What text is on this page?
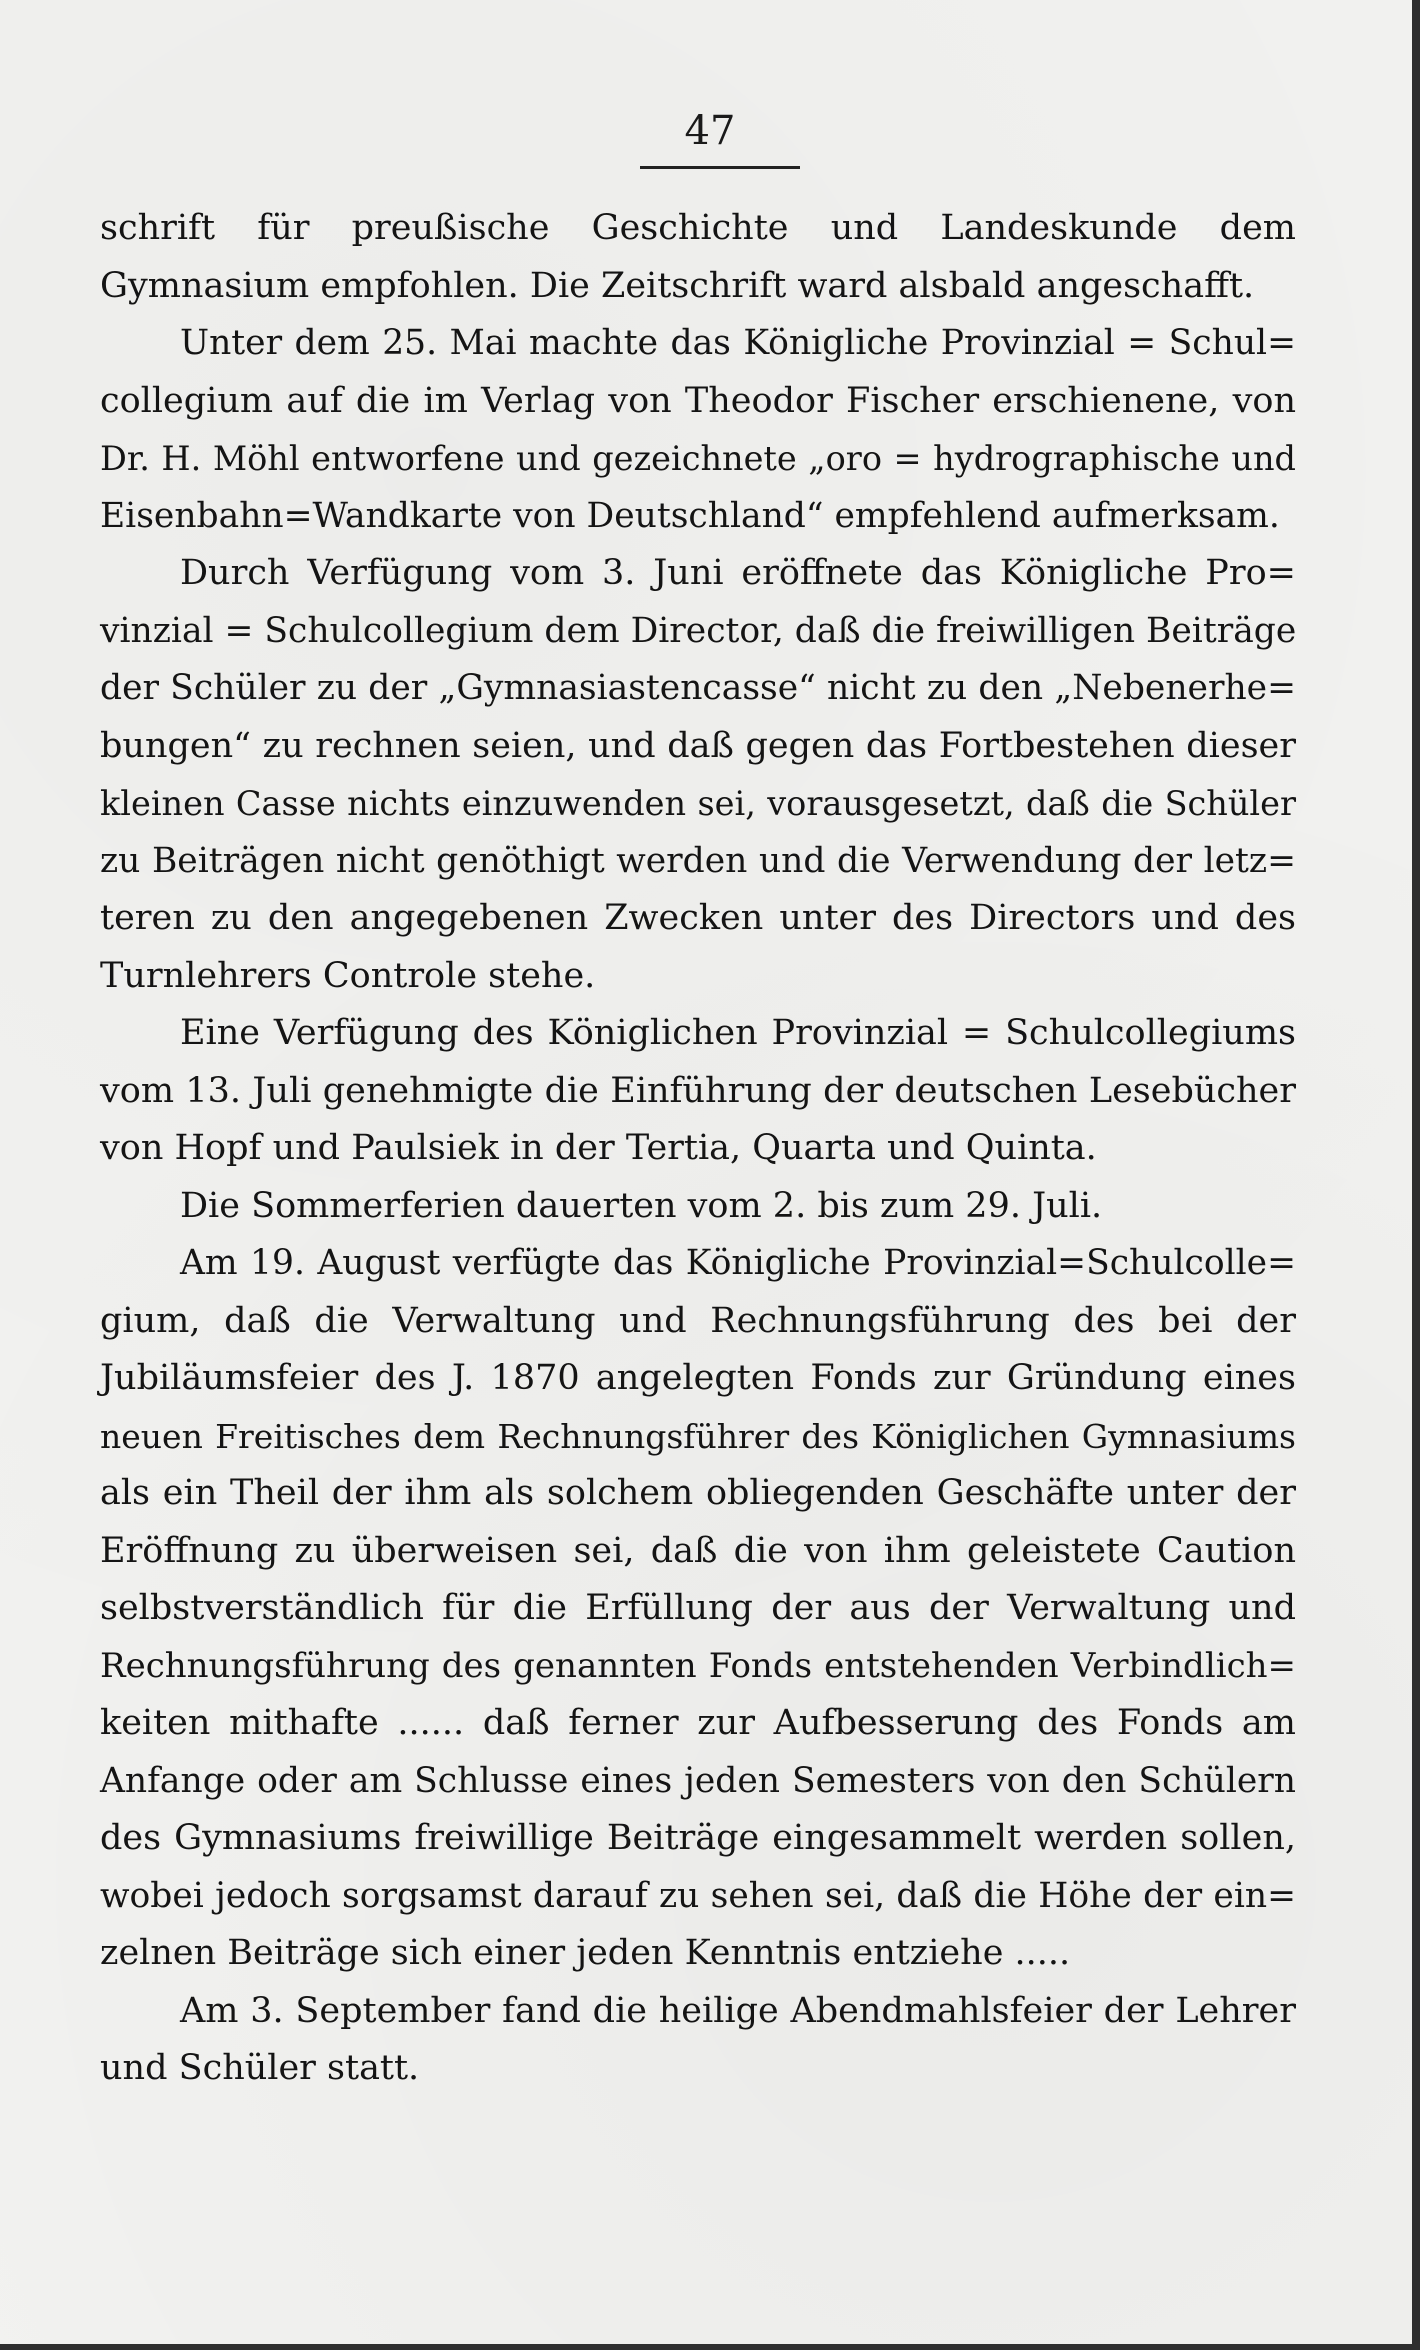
47
schrift für preußische Geschichte und Landeskunde dem
Gymnasium empfohlen. Die Zeitschrift ward alsbald angeschafft.
Unter dem 25. Mai machte das Königliche Provinzial = Schul=
collegium auf die im Verlag von Theodor Fischer erschienene, von
Dr. H. Möhl entworfene und gezeichnete „oro = hydrographische und
Eisenbahn=Wandkarte von Deutschland“ empfehlend aufmerksam.
Durch Verfügung vom 3. Juni eröffnete das Königliche Pro=
vinzial = Schulcollegium dem Director, daß die freiwilligen Beiträge
der Schüler zu der „Gymnasiastencasse“ nicht zu den „Nebenerhe=
bungen“ zu rechnen seien, und daß gegen das Fortbestehen dieser
kleinen Casse nichts einzuwenden sei, vorausgesetzt, daß die Schüler
zu Beiträgen nicht genöthigt werden und die Verwendung der letz=
teren zu den angegebenen Zwecken unter des Directors und des
Turnlehrers Controle stehe.
Eine Verfügung des Königlichen Provinzial = Schulcollegiums
vom 13. Juli genehmigte die Einführung der deutschen Lesebücher
von Hopf und Paulsiek in der Tertia, Quarta und Quinta.
Die Sommerferien dauerten vom 2. bis zum 29. Juli.
Am 19. August verfügte das Königliche Provinzial=Schulcolle=
gium, daß die Verwaltung und Rechnungsführung des bei der
Jubiläumsfeier des J. 1870 angelegten Fonds zur Gründung eines
neuen Freitisches dem Rechnungsführer des Königlichen Gymnasiums
als ein Theil der ihm als solchem obliegenden Geschäfte unter der
Eröffnung zu überweisen sei, daß die von ihm geleistete Caution
selbstverständlich für die Erfüllung der aus der Verwaltung und
Rechnungsführung des genannten Fonds entstehenden Verbindlich=
keiten mithafte ...... daß ferner zur Aufbesserung des Fonds am
Anfange oder am Schlusse eines jeden Semesters von den Schülern
des Gymnasiums freiwillige Beiträge eingesammelt werden sollen,
wobei jedoch sorgsamst darauf zu sehen sei, daß die Höhe der ein=
zelnen Beiträge sich einer jeden Kenntnis entziehe .....
Am 3. September fand die heilige Abendmahlsfeier der Lehrer
und Schüler statt.
